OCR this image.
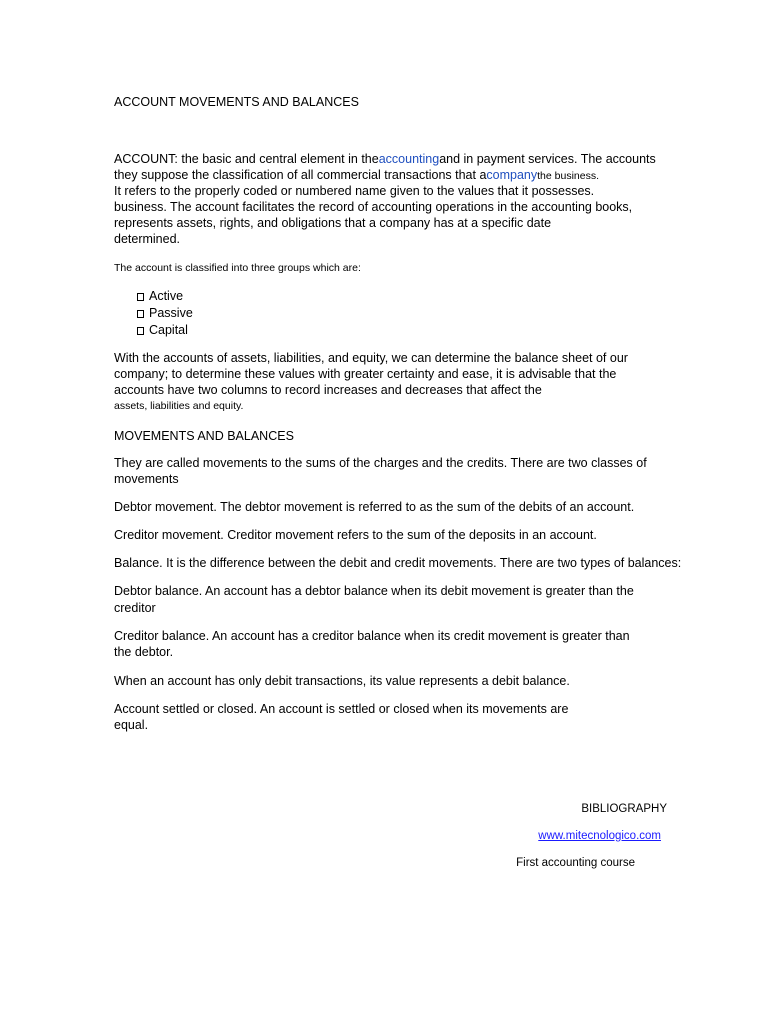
ACCOUNT MOVEMENTS AND BALANCES
ACCOUNT: the basic and central element in theaccountingand in payment services. The accounts
they suppose the classification of all commercial transactions that acompanythe business.
It refers to the properly coded or numbered name given to the values that it possesses.
business. The account facilitates the record of accounting operations in the accounting books,
represents assets, rights, and obligations that a company has at a specific date
determined.
The account is classified into three groups which are:
Active
Passive
Capital
With the accounts of assets, liabilities, and equity, we can determine the balance sheet of our
company; to determine these values with greater certainty and ease, it is advisable that the
accounts have two columns to record increases and decreases that affect the
assets, liabilities and equity.
MOVEMENTS AND BALANCES
They are called movements to the sums of the charges and the credits. There are two classes of
movements
Debtor movement. The debtor movement is referred to as the sum of the debits of an account.
Creditor movement. Creditor movement refers to the sum of the deposits in an account.
Balance. It is the difference between the debit and credit movements. There are two types of balances:
Debtor balance. An account has a debtor balance when its debit movement is greater than the
creditor
Creditor balance. An account has a creditor balance when its credit movement is greater than
the debtor.
When an account has only debit transactions, its value represents a debit balance.
Account settled or closed. An account is settled or closed when its movements are
equal.
BIBLIOGRAPHY
www.mitecnologico.com
First accounting course
